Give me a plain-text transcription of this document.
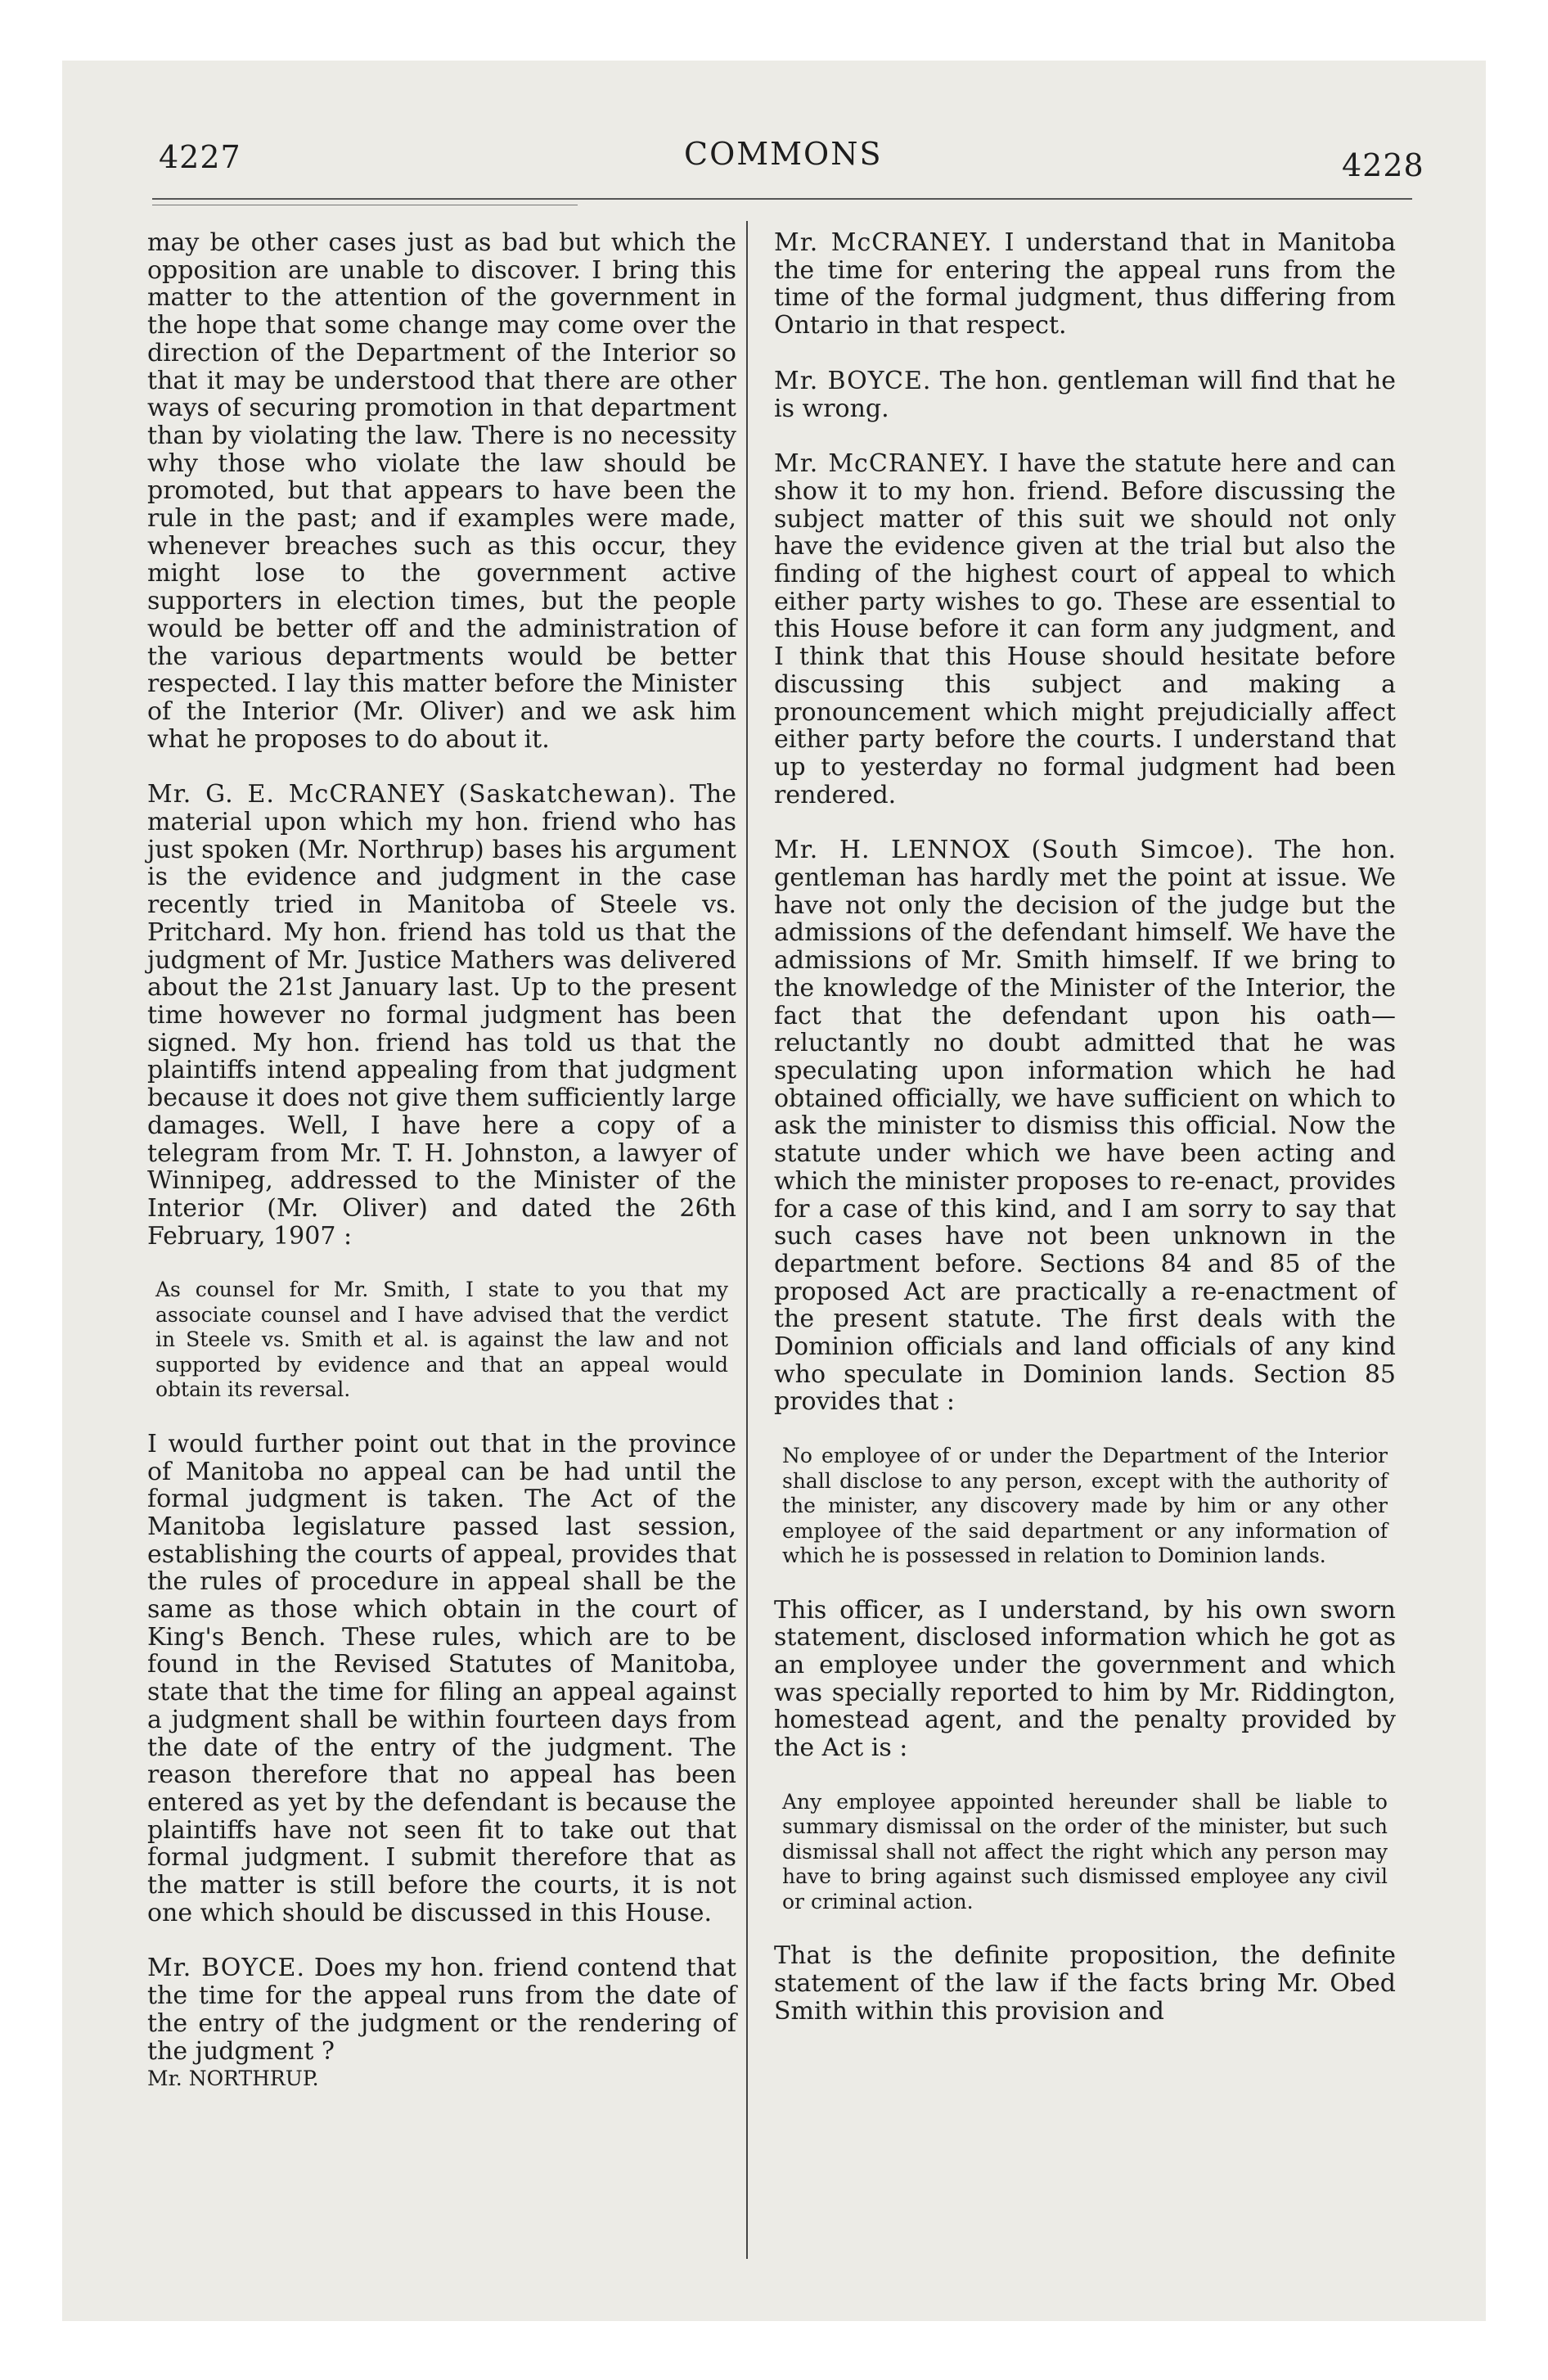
4227	COMMONS	4228

may be other cases just as bad but which the opposition are unable to discover. I bring this matter to the attention of the government in the hope that some change may come over the direction of the Department of the Interior so that it may be understood that there are other ways of securing promotion in that department than by violating the law. There is no necessity why those who violate the law should be promoted, but that appears to have been the rule in the past; and if examples were made, whenever breaches such as this occur, they might lose to the government active supporters in election times, but the people would be better off and the administration of the various departments would be better respected. I lay this matter before the Minister of the Interior (Mr. Oliver) and we ask him what he proposes to do about it.

Mr. G. E. McCRANEY (Saskatchewan). The material upon which my hon. friend who has just spoken (Mr. Northrup) bases his argument is the evidence and judgment in the case recently tried in Manitoba of Steele vs. Pritchard. My hon. friend has told us that the judgment of Mr. Justice Mathers was delivered about the 21st January last. Up to the present time however no formal judgment has been signed. My hon. friend has told us that the plaintiffs intend appealing from that judgment because it does not give them sufficiently large damages. Well, I have here a copy of a telegram from Mr. T. H. Johnston, a lawyer of Winnipeg, addressed to the Minister of the Interior (Mr. Oliver) and dated the 26th February, 1907 :

As counsel for Mr. Smith, I state to you that my associate counsel and I have advised that the verdict in Steele vs. Smith et al. is against the law and not supported by evidence and that an appeal would obtain its reversal.

I would further point out that in the province of Manitoba no appeal can be had until the formal judgment is taken. The Act of the Manitoba legislature passed last session, establishing the courts of appeal, provides that the rules of procedure in appeal shall be the same as those which obtain in the court of King's Bench. These rules, which are to be found in the Revised Statutes of Manitoba, state that the time for filing an appeal against a judgment shall be within fourteen days from the date of the entry of the judgment. The reason therefore that no appeal has been entered as yet by the defendant is because the plaintiffs have not seen fit to take out that formal judgment. I submit therefore that as the matter is still before the courts, it is not one which should be discussed in this House.

Mr. BOYCE. Does my hon. friend contend that the time for the appeal runs from the date of the entry of the judgment or the rendering of the judgment ?

Mr. NORTHRUP.

Mr. McCRANEY. I understand that in Manitoba the time for entering the appeal runs from the time of the formal judgment, thus differing from Ontario in that respect.

Mr. BOYCE. The hon. gentleman will find that he is wrong.

Mr. McCRANEY. I have the statute here and can show it to my hon. friend. Before discussing the subject matter of this suit we should not only have the evidence given at the trial but also the finding of the highest court of appeal to which either party wishes to go. These are essential to this House before it can form any judgment, and I think that this House should hesitate before discussing this subject and making a pronouncement which might prejudicially affect either party before the courts. I understand that up to yesterday no formal judgment had been rendered.

Mr. H. LENNOX (South Simcoe). The hon. gentleman has hardly met the point at issue. We have not only the decision of the judge but the admissions of the defendant himself. We have the admissions of Mr. Smith himself. If we bring to the knowledge of the Minister of the Interior, the fact that the defendant upon his oath—reluctantly no doubt admitted that he was speculating upon information which he had obtained officially, we have sufficient on which to ask the minister to dismiss this official. Now the statute under which we have been acting and which the minister proposes to re-enact, provides for a case of this kind, and I am sorry to say that such cases have not been unknown in the department before. Sections 84 and 85 of the proposed Act are practically a re-enactment of the present statute. The first deals with the Dominion officials and land officials of any kind who speculate in Dominion lands. Section 85 provides that :

No employee of or under the Department of the Interior shall disclose to any person, except with the authority of the minister, any discovery made by him or any other employee of the said department or any information of which he is possessed in relation to Dominion lands.

This officer, as I understand, by his own sworn statement, disclosed information which he got as an employee under the government and which was specially reported to him by Mr. Riddington, homestead agent, and the penalty provided by the Act is :

Any employee appointed hereunder shall be liable to summary dismissal on the order of the minister, but such dismissal shall not affect the right which any person may have to bring against such dismissed employee any civil or criminal action.

That is the definite proposition, the definite statement of the law if the facts bring Mr. Obed Smith within this provision and
